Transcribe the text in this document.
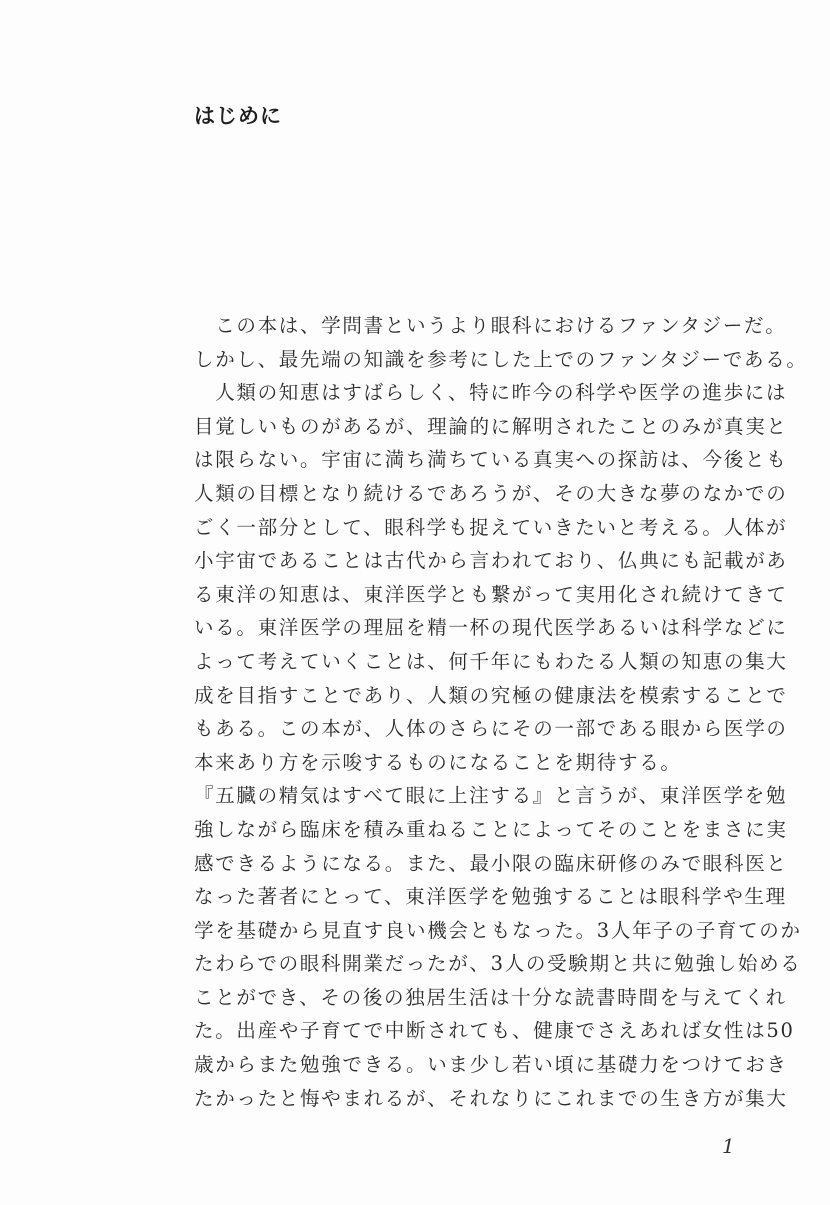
はじめに
　この本は、学問書というより眼科におけるファンタジーだ。
しかし、最先端の知識を参考にした上でのファンタジーである。
　人類の知恵はすばらしく、特に昨今の科学や医学の進歩には
目覚しいものがあるが、理論的に解明されたことのみが真実と
は限らない。宇宙に満ち満ちている真実への探訪は、今後とも
人類の目標となり続けるであろうが、その大きな夢のなかでの
ごく一部分として、眼科学も捉えていきたいと考える。人体が
小宇宙であることは古代から言われており、仏典にも記載があ
る東洋の知恵は、東洋医学とも繋がって実用化され続けてきて
いる。東洋医学の理屈を精一杯の現代医学あるいは科学などに
よって考えていくことは、何千年にもわたる人類の知恵の集大
成を目指すことであり、人類の究極の健康法を模索することで
もある。この本が、人体のさらにその一部である眼から医学の
本来あり方を示唆するものになることを期待する。
『五臓の精気はすべて眼に上注する』と言うが、東洋医学を勉
強しながら臨床を積み重ねることによってそのことをまさに実
感できるようになる。また、最小限の臨床研修のみで眼科医と
なった著者にとって、東洋医学を勉強することは眼科学や生理
学を基礎から見直す良い機会ともなった。3人年子の子育てのか
たわらでの眼科開業だったが、3人の受験期と共に勉強し始める
ことができ、その後の独居生活は十分な読書時間を与えてくれ
た。出産や子育てで中断されても、健康でさえあれば女性は50
歳からまた勉強できる。いま少し若い頃に基礎力をつけておき
たかったと悔やまれるが、それなりにこれまでの生き方が集大
1
